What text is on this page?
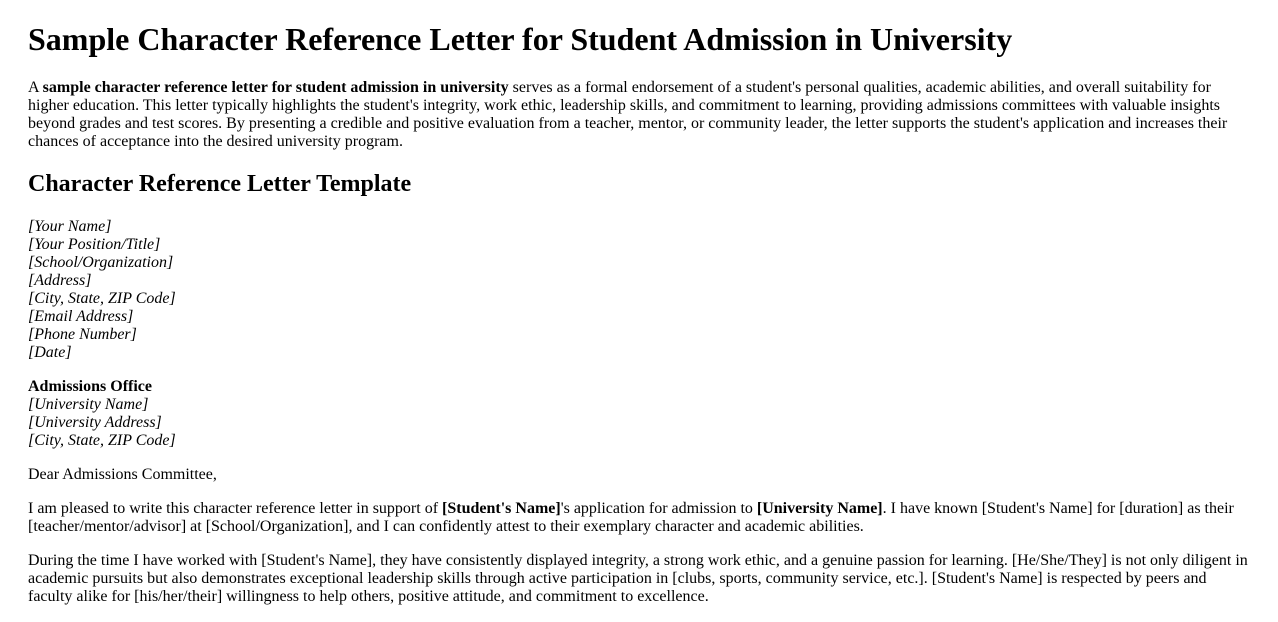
Sample Character Reference Letter for Student Admission in University

A sample character reference letter for student admission in university serves as a formal endorsement of a student's personal qualities, academic abilities, and overall suitability for higher education. This letter typically highlights the student's integrity, work ethic, leadership skills, and commitment to learning, providing admissions committees with valuable insights beyond grades and test scores. By presenting a credible and positive evaluation from a teacher, mentor, or community leader, the letter supports the student's application and increases their chances of acceptance into the desired university program.

Character Reference Letter Template

[Your Name]
[Your Position/Title]
[School/Organization]
[Address]
[City, State, ZIP Code]
[Email Address]
[Phone Number]
[Date]

Admissions Office
[University Name]
[University Address]
[City, State, ZIP Code]

Dear Admissions Committee,

I am pleased to write this character reference letter in support of [Student's Name]'s application for admission to [University Name]. I have known [Student's Name] for [duration] as their [teacher/mentor/advisor] at [School/Organization], and I can confidently attest to their exemplary character and academic abilities.

During the time I have worked with [Student's Name], they have consistently displayed integrity, a strong work ethic, and a genuine passion for learning. [He/She/They] is not only diligent in academic pursuits but also demonstrates exceptional leadership skills through active participation in [clubs, sports, community service, etc.]. [Student's Name] is respected by peers and faculty alike for [his/her/their] willingness to help others, positive attitude, and commitment to excellence.
